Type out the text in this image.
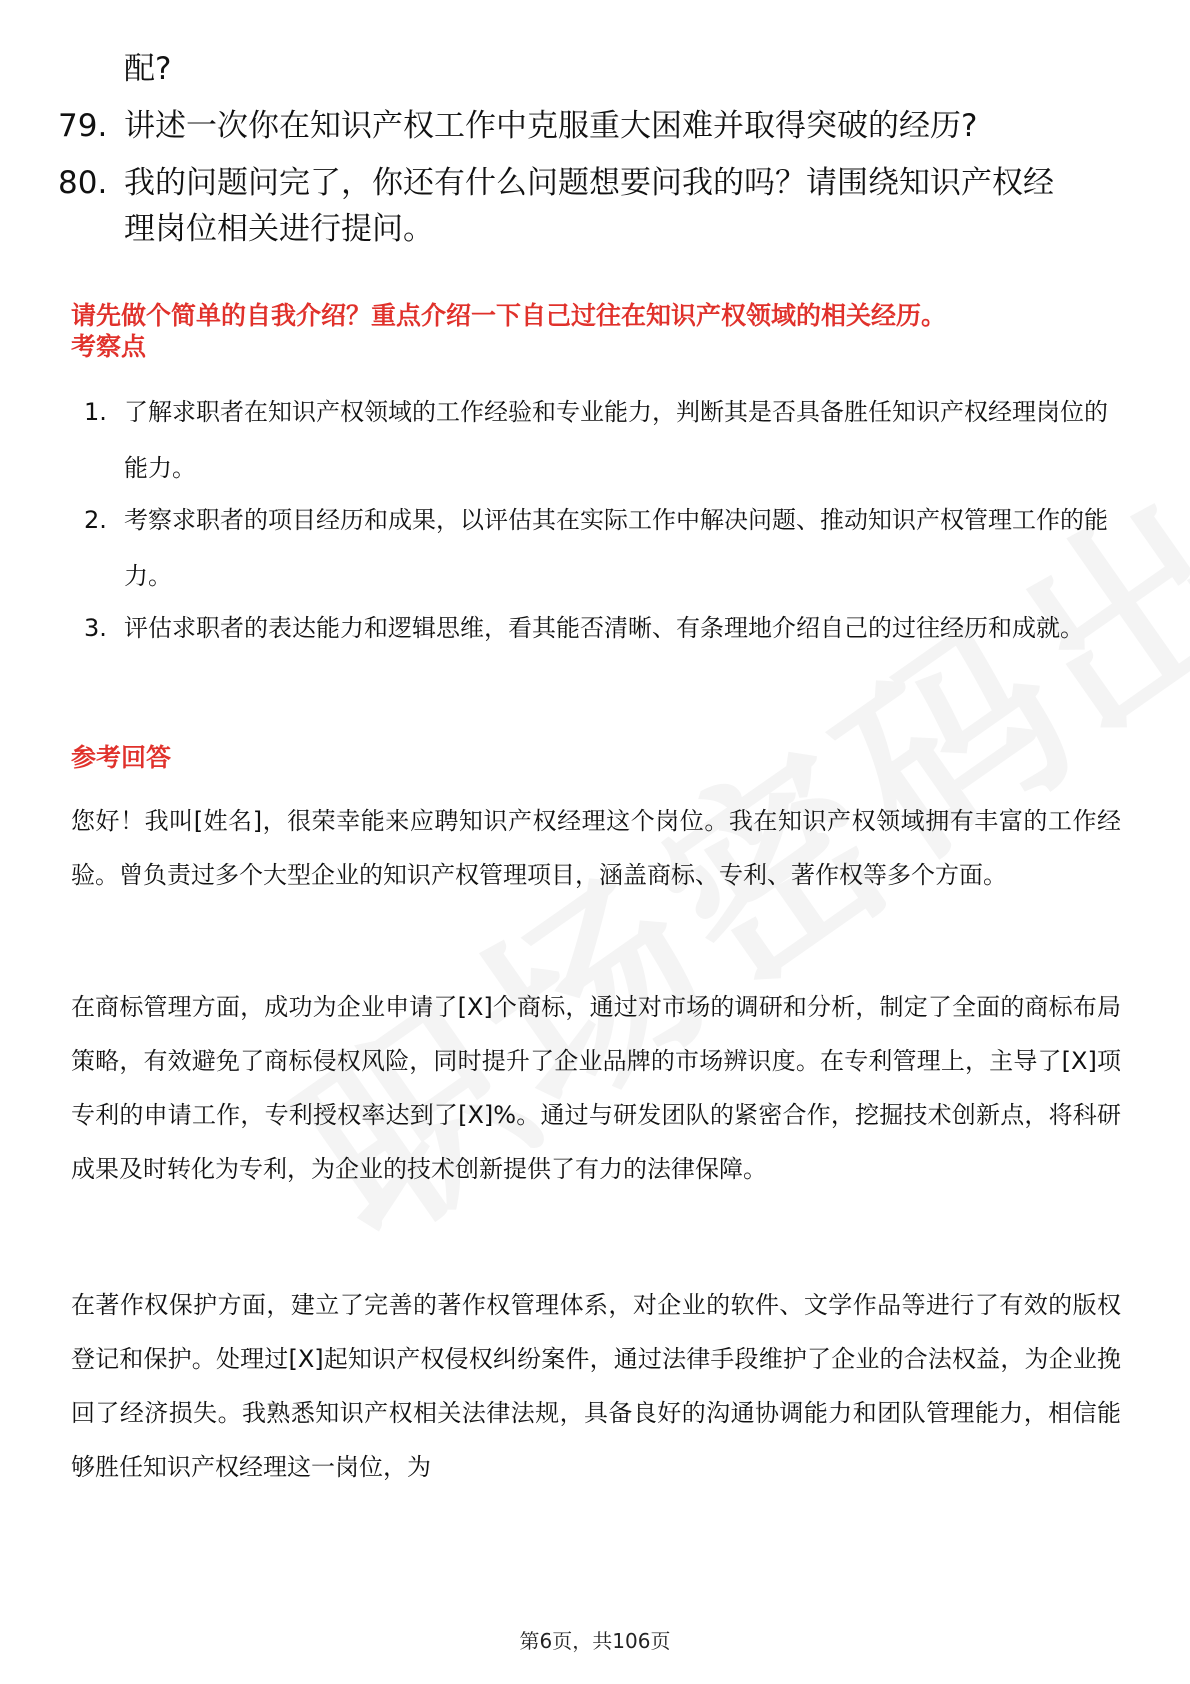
配?
79. 讲述一次你在知识产权工作中克服重大困难并取得突破的经历?
80. 我的问题问完了，你还有什么问题想要问我的吗？请围绕知识产权经理岗位相关进行提问。
请先做个简单的自我介绍？重点介绍一下自己过往在知识产权领域的相关经历。
考察点
1. 了解求职者在知识产权领域的工作经验和专业能力，判断其是否具备胜任知识产权经理岗位的能力。
2. 考察求职者的项目经历和成果，以评估其在实际工作中解决问题、推动知识产权管理工作的能力。
3. 评估求职者的表达能力和逻辑思维，看其能否清晰、有条理地介绍自己的过往经历和成就。
参考回答
您好！我叫[姓名]，很荣幸能来应聘知识产权经理这个岗位。我在知识产权领域拥有丰富的工作经验。曾负责过多个大型企业的知识产权管理项目，涵盖商标、专利、著作权等多个方面。
在商标管理方面，成功为企业申请了[X]个商标，通过对市场的调研和分析，制定了全面的商标布局策略，有效避免了商标侵权风险，同时提升了企业品牌的市场辨识度。在专利管理上，主导了[X]项专利的申请工作，专利授权率达到了[X]%。通过与研发团队的紧密合作，挖掘技术创新点，将科研成果及时转化为专利，为企业的技术创新提供了有力的法律保障。
在著作权保护方面，建立了完善的著作权管理体系，对企业的软件、文学作品等进行了有效的版权登记和保护。处理过[X]起知识产权侵权纠纷案件，通过法律手段维护了企业的合法权益，为企业挽回了经济损失。我熟悉知识产权相关法律法规，具备良好的沟通协调能力和团队管理能力，相信能够胜任知识产权经理这一岗位，为
第6页，共106页
